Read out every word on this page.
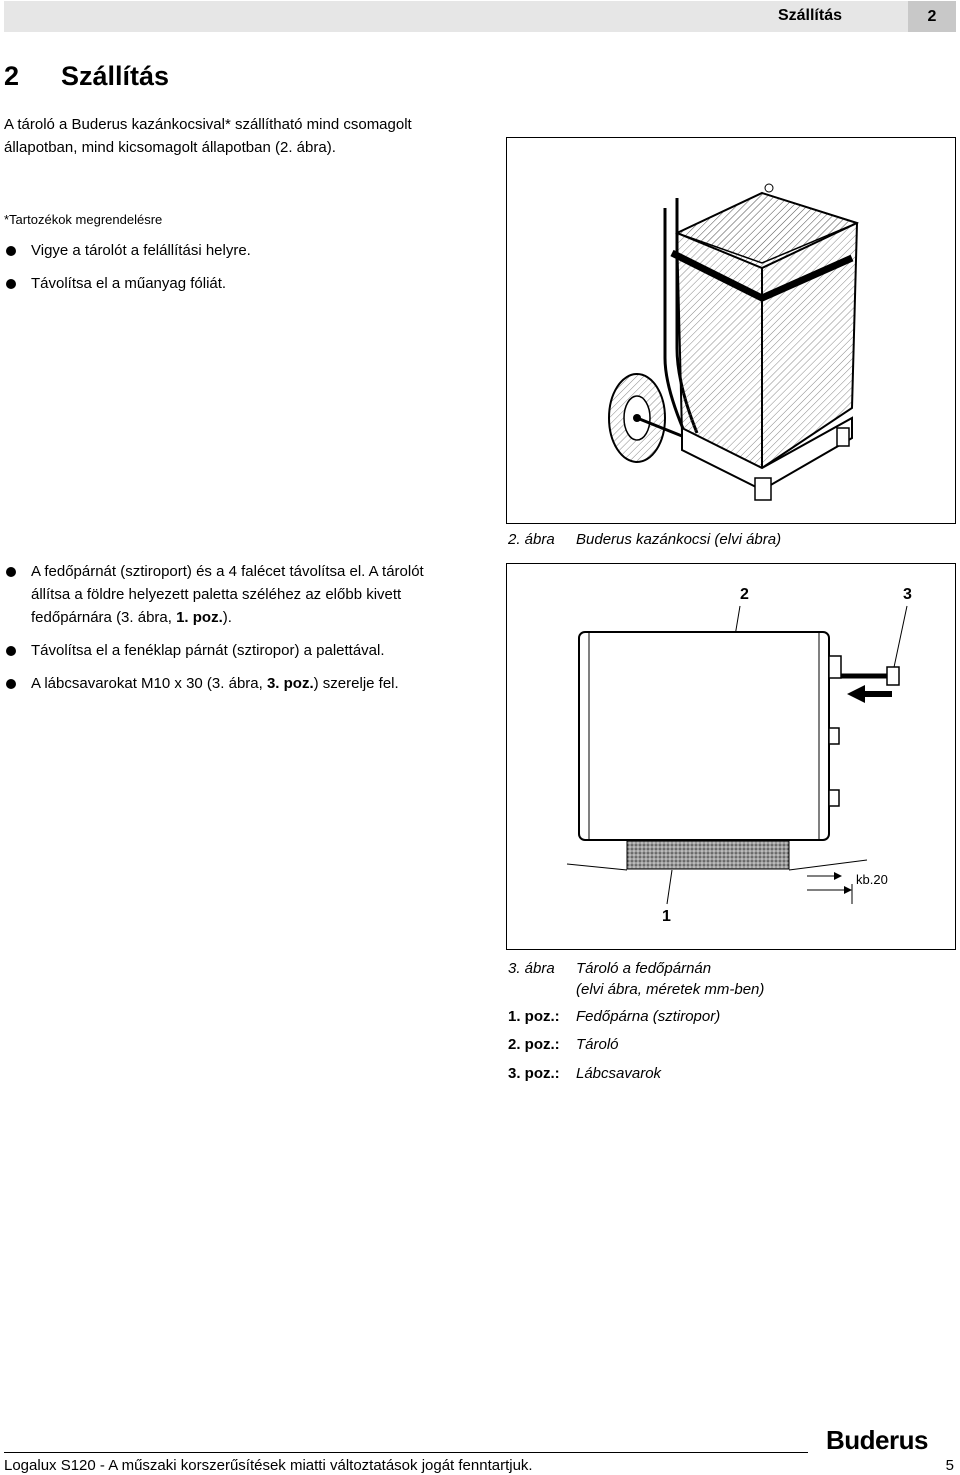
Szállítás	2
2 Szállítás
A tároló a Buderus kazánkocsival* szállítható mind csomagolt állapotban, mind kicsomagolt állapotban (2. ábra).
*Tartozékok megrendelésre
Vigye a tárolót a felállítási helyre.
Távolítsa el a műanyag fóliát.
A fedőpárnát (sztiroport) és a 4 falécet távolítsa el. A tárolót állítsa a földre helyezett paletta széléhez az előbb kivett fedőpárnára (3. ábra, 1. poz.).
Távolítsa el a fenéklap párnát (sztiropor) a palettával.
A lábcsavarokat M10 x 30 (3. ábra, 3. poz.) szerelje fel.
2. ábra Buderus kazánkocsi (elvi ábra)
2	3
kb.20
1
3. ábra Tároló a fedőpárnán
(elvi ábra, méretek mm-ben)
1. poz.: Fedőpárna (sztiropor)
2. poz.: Tároló
3. poz.: Lábcsavarok
Buderus
Logalux S120 - A műszaki korszerűsítések miatti változtatások jogát fenntartjuk.	5
